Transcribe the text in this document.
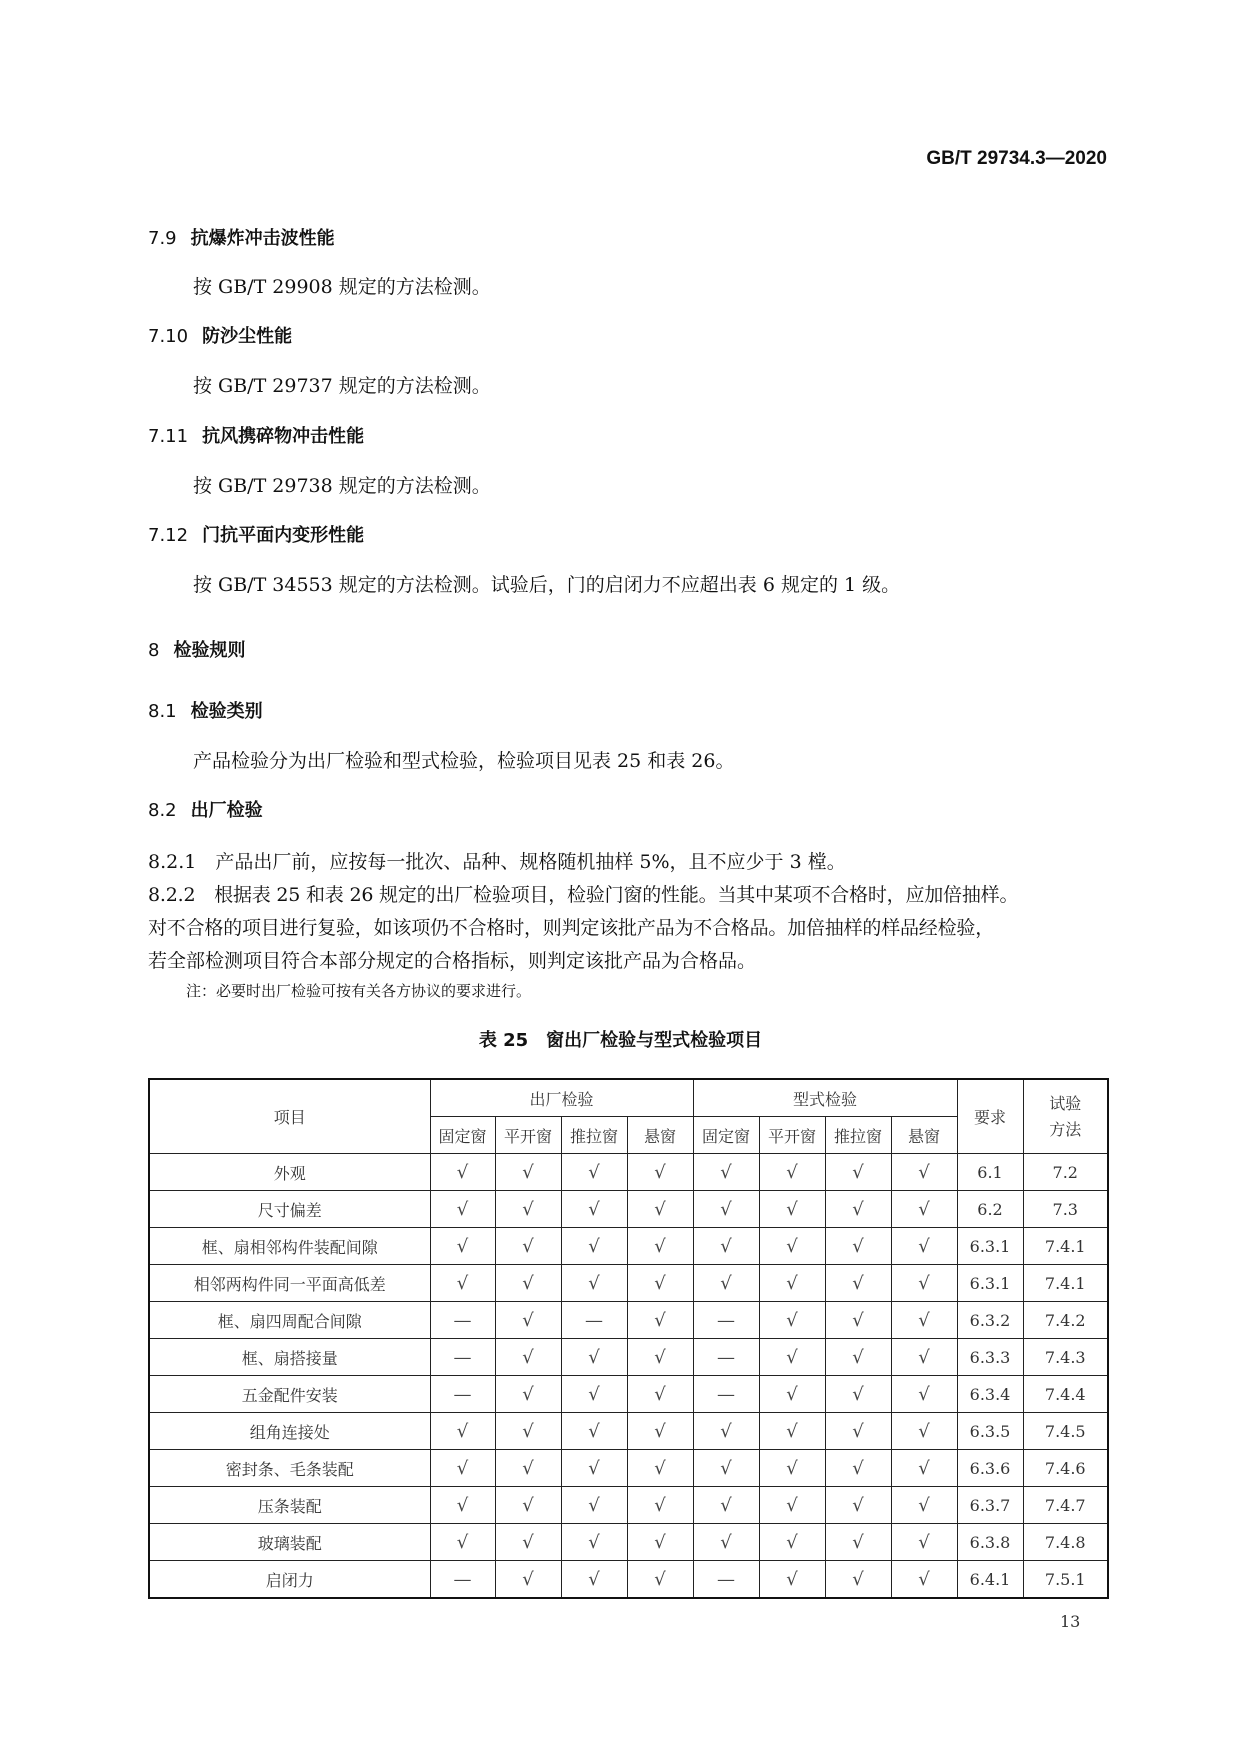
GB/T 29734.3—2020
7.9 抗爆炸冲击波性能
按 GB/T 29908 规定的方法检测。
7.10 防沙尘性能
按 GB/T 29737 规定的方法检测。
7.11 抗风携碎物冲击性能
按 GB/T 29738 规定的方法检测。
7.12 门抗平面内变形性能
按 GB/T 34553 规定的方法检测。试验后，门的启闭力不应超出表 6 规定的 1 级。
8 检验规则
8.1 检验类别
产品检验分为出厂检验和型式检验，检验项目见表 25 和表 26。
8.2 出厂检验
8.2.1　产品出厂前，应按每一批次、品种、规格随机抽样 5%，且不应少于 3 樘。
8.2.2　根据表 25 和表 26 规定的出厂检验项目，检验门窗的性能。当其中某项不合格时，应加倍抽样。
对不合格的项目进行复验，如该项仍不合格时，则判定该批产品为不合格品。加倍抽样的样品经检验，
若全部检测项目符合本部分规定的合格指标，则判定该批产品为合格品。
注：必要时出厂检验可按有关各方协议的要求进行。
表 25　窗出厂检验与型式检验项目
项目	出厂检验				型式检验				要求	试验方法
	固定窗	平开窗	推拉窗	悬窗	固定窗	平开窗	推拉窗	悬窗		
外观	√	√	√	√	√	√	√	√	6.1	7.2
尺寸偏差	√	√	√	√	√	√	√	√	6.2	7.3
框、扇相邻构件装配间隙	√	√	√	√	√	√	√	√	6.3.1	7.4.1
相邻两构件同一平面高低差	√	√	√	√	√	√	√	√	6.3.1	7.4.1
框、扇四周配合间隙	—	√	—	√	—	√	√	√	6.3.2	7.4.2
框、扇搭接量	—	√	√	√	—	√	√	√	6.3.3	7.4.3
五金配件安装	—	√	√	√	—	√	√	√	6.3.4	7.4.4
组角连接处	√	√	√	√	√	√	√	√	6.3.5	7.4.5
密封条、毛条装配	√	√	√	√	√	√	√	√	6.3.6	7.4.6
压条装配	√	√	√	√	√	√	√	√	6.3.7	7.4.7
玻璃装配	√	√	√	√	√	√	√	√	6.3.8	7.4.8
启闭力	—	√	√	√	—	√	√	√	6.4.1	7.5.1
13
